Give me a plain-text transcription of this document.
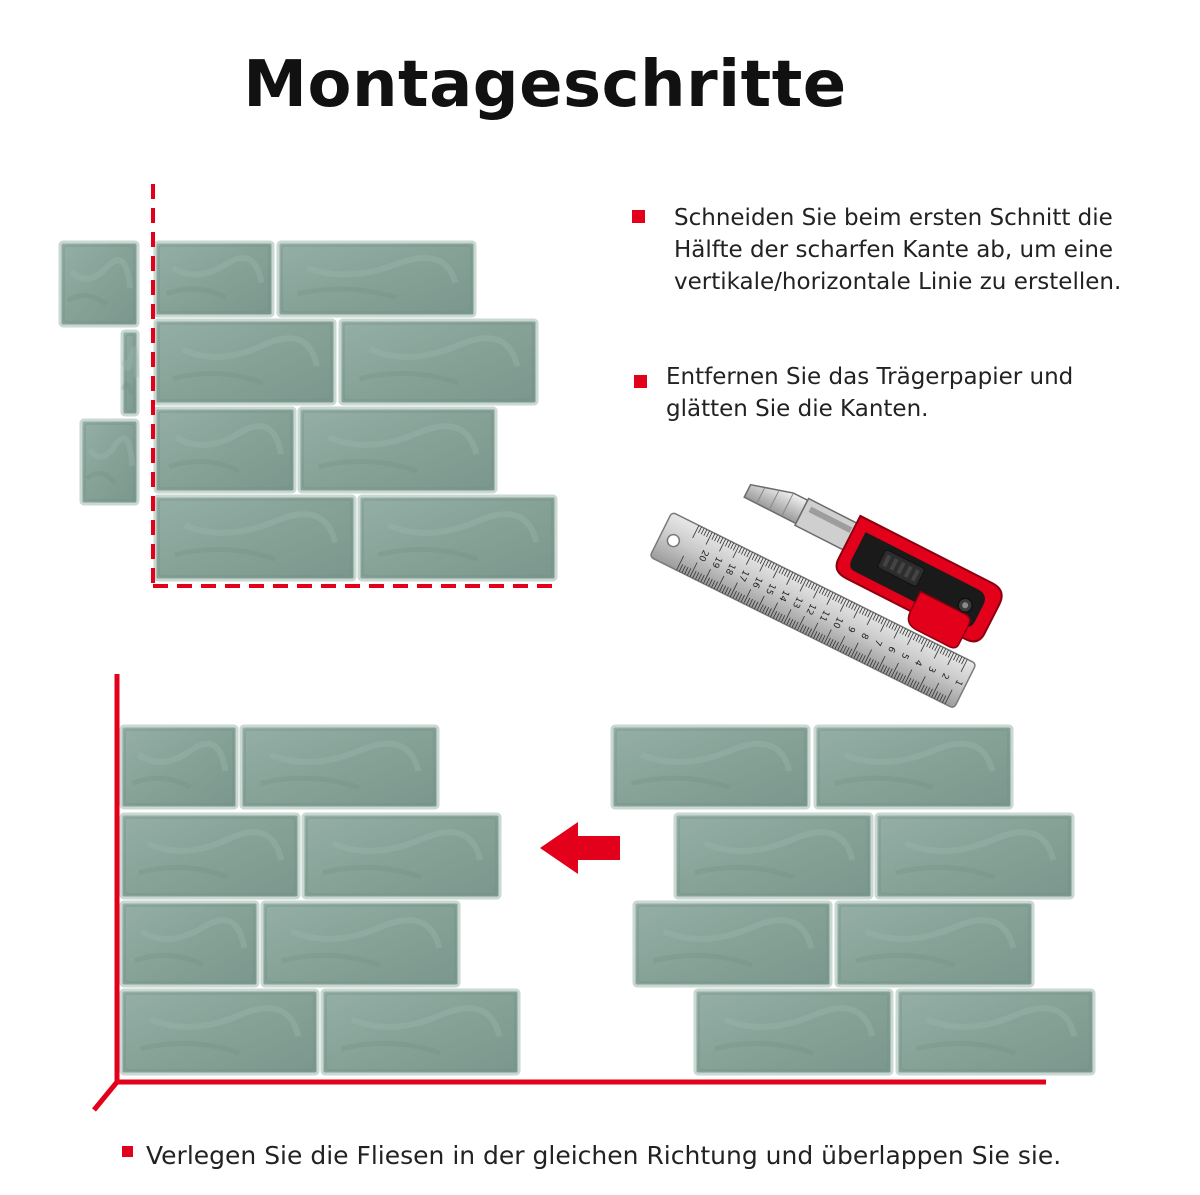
Montageschritte
Schneiden Sie beim ersten Schnitt die
Hälfte der scharfen Kante ab, um eine
vertikale/horizontale Linie zu erstellen.
Entfernen Sie das Trägerpapier und
glätten Sie die Kanten.
Verlegen Sie die Fliesen in der gleichen Richtung und überlappen Sie sie.
1
2
3
4
5
6
7
8
9
10
11
12
13
14
15
16
17
18
19
20
